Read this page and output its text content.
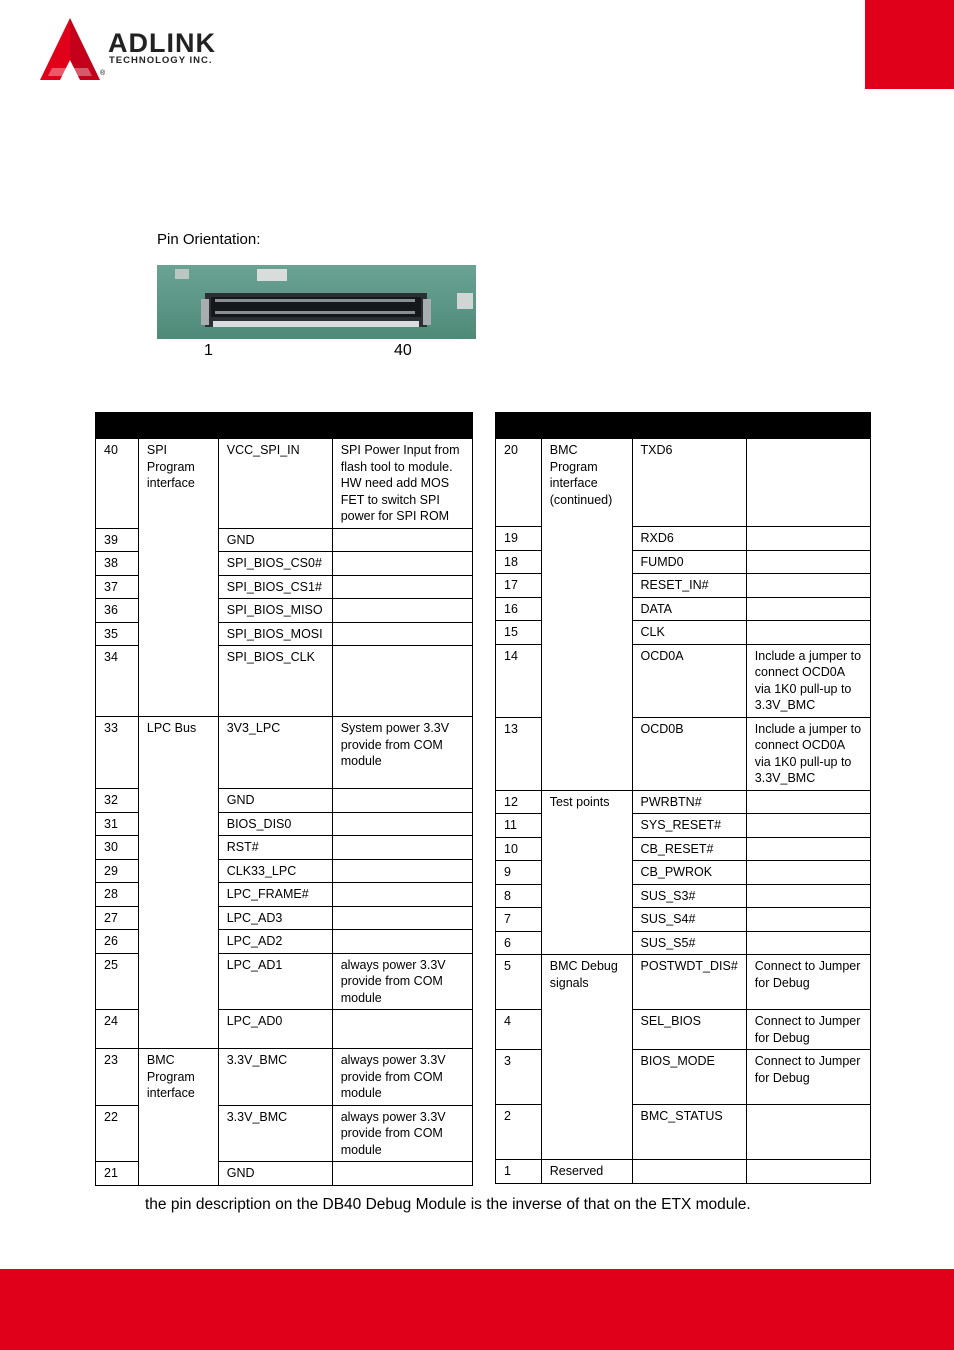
ADLINK
TECHNOLOGY INC.
®
Pin Orientation:
1	40

40	SPI Program interface	VCC_SPI_IN	SPI Power Input from flash tool to module. HW need add MOS FET to switch SPI power for SPI ROM
39		GND	
38		SPI_BIOS_CS0#	
37		SPI_BIOS_CS1#	
36		SPI_BIOS_MISO	
35		SPI_BIOS_MOSI	
34		SPI_BIOS_CLK	
33	LPC Bus	3V3_LPC	System power 3.3V provide from COM module
32		GND	
31		BIOS_DIS0	
30		RST#	
29		CLK33_LPC	
28		LPC_FRAME#	
27		LPC_AD3	
26		LPC_AD2	
25		LPC_AD1	always power 3.3V provide from COM module
24		LPC_AD0	
23	BMC Program interface	3.3V_BMC	always power 3.3V provide from COM module
22		3.3V_BMC	always power 3.3V provide from COM module
21		GND	

20	BMC Program interface (continued)	TXD6	
19		RXD6	
18		FUMD0	
17		RESET_IN#	
16		DATA	
15		CLK	
14		OCD0A	Include a jumper to connect OCD0A via 1K0 pull-up to 3.3V_BMC
13		OCD0B	Include a jumper to connect OCD0A via 1K0 pull-up to 3.3V_BMC
12	Test points	PWRBTN#	
11		SYS_RESET#	
10		CB_RESET#	
9		CB_PWROK	
8		SUS_S3#	
7		SUS_S4#	
6		SUS_S5#	
5	BMC Debug signals	POSTWDT_DIS#	Connect to Jumper for Debug
4		SEL_BIOS	Connect to Jumper for Debug
3		BIOS_MODE	Connect to Jumper for Debug
2		BMC_STATUS	
1	Reserved		
the pin description on the DB40 Debug Module is the inverse of that on the ETX module.
